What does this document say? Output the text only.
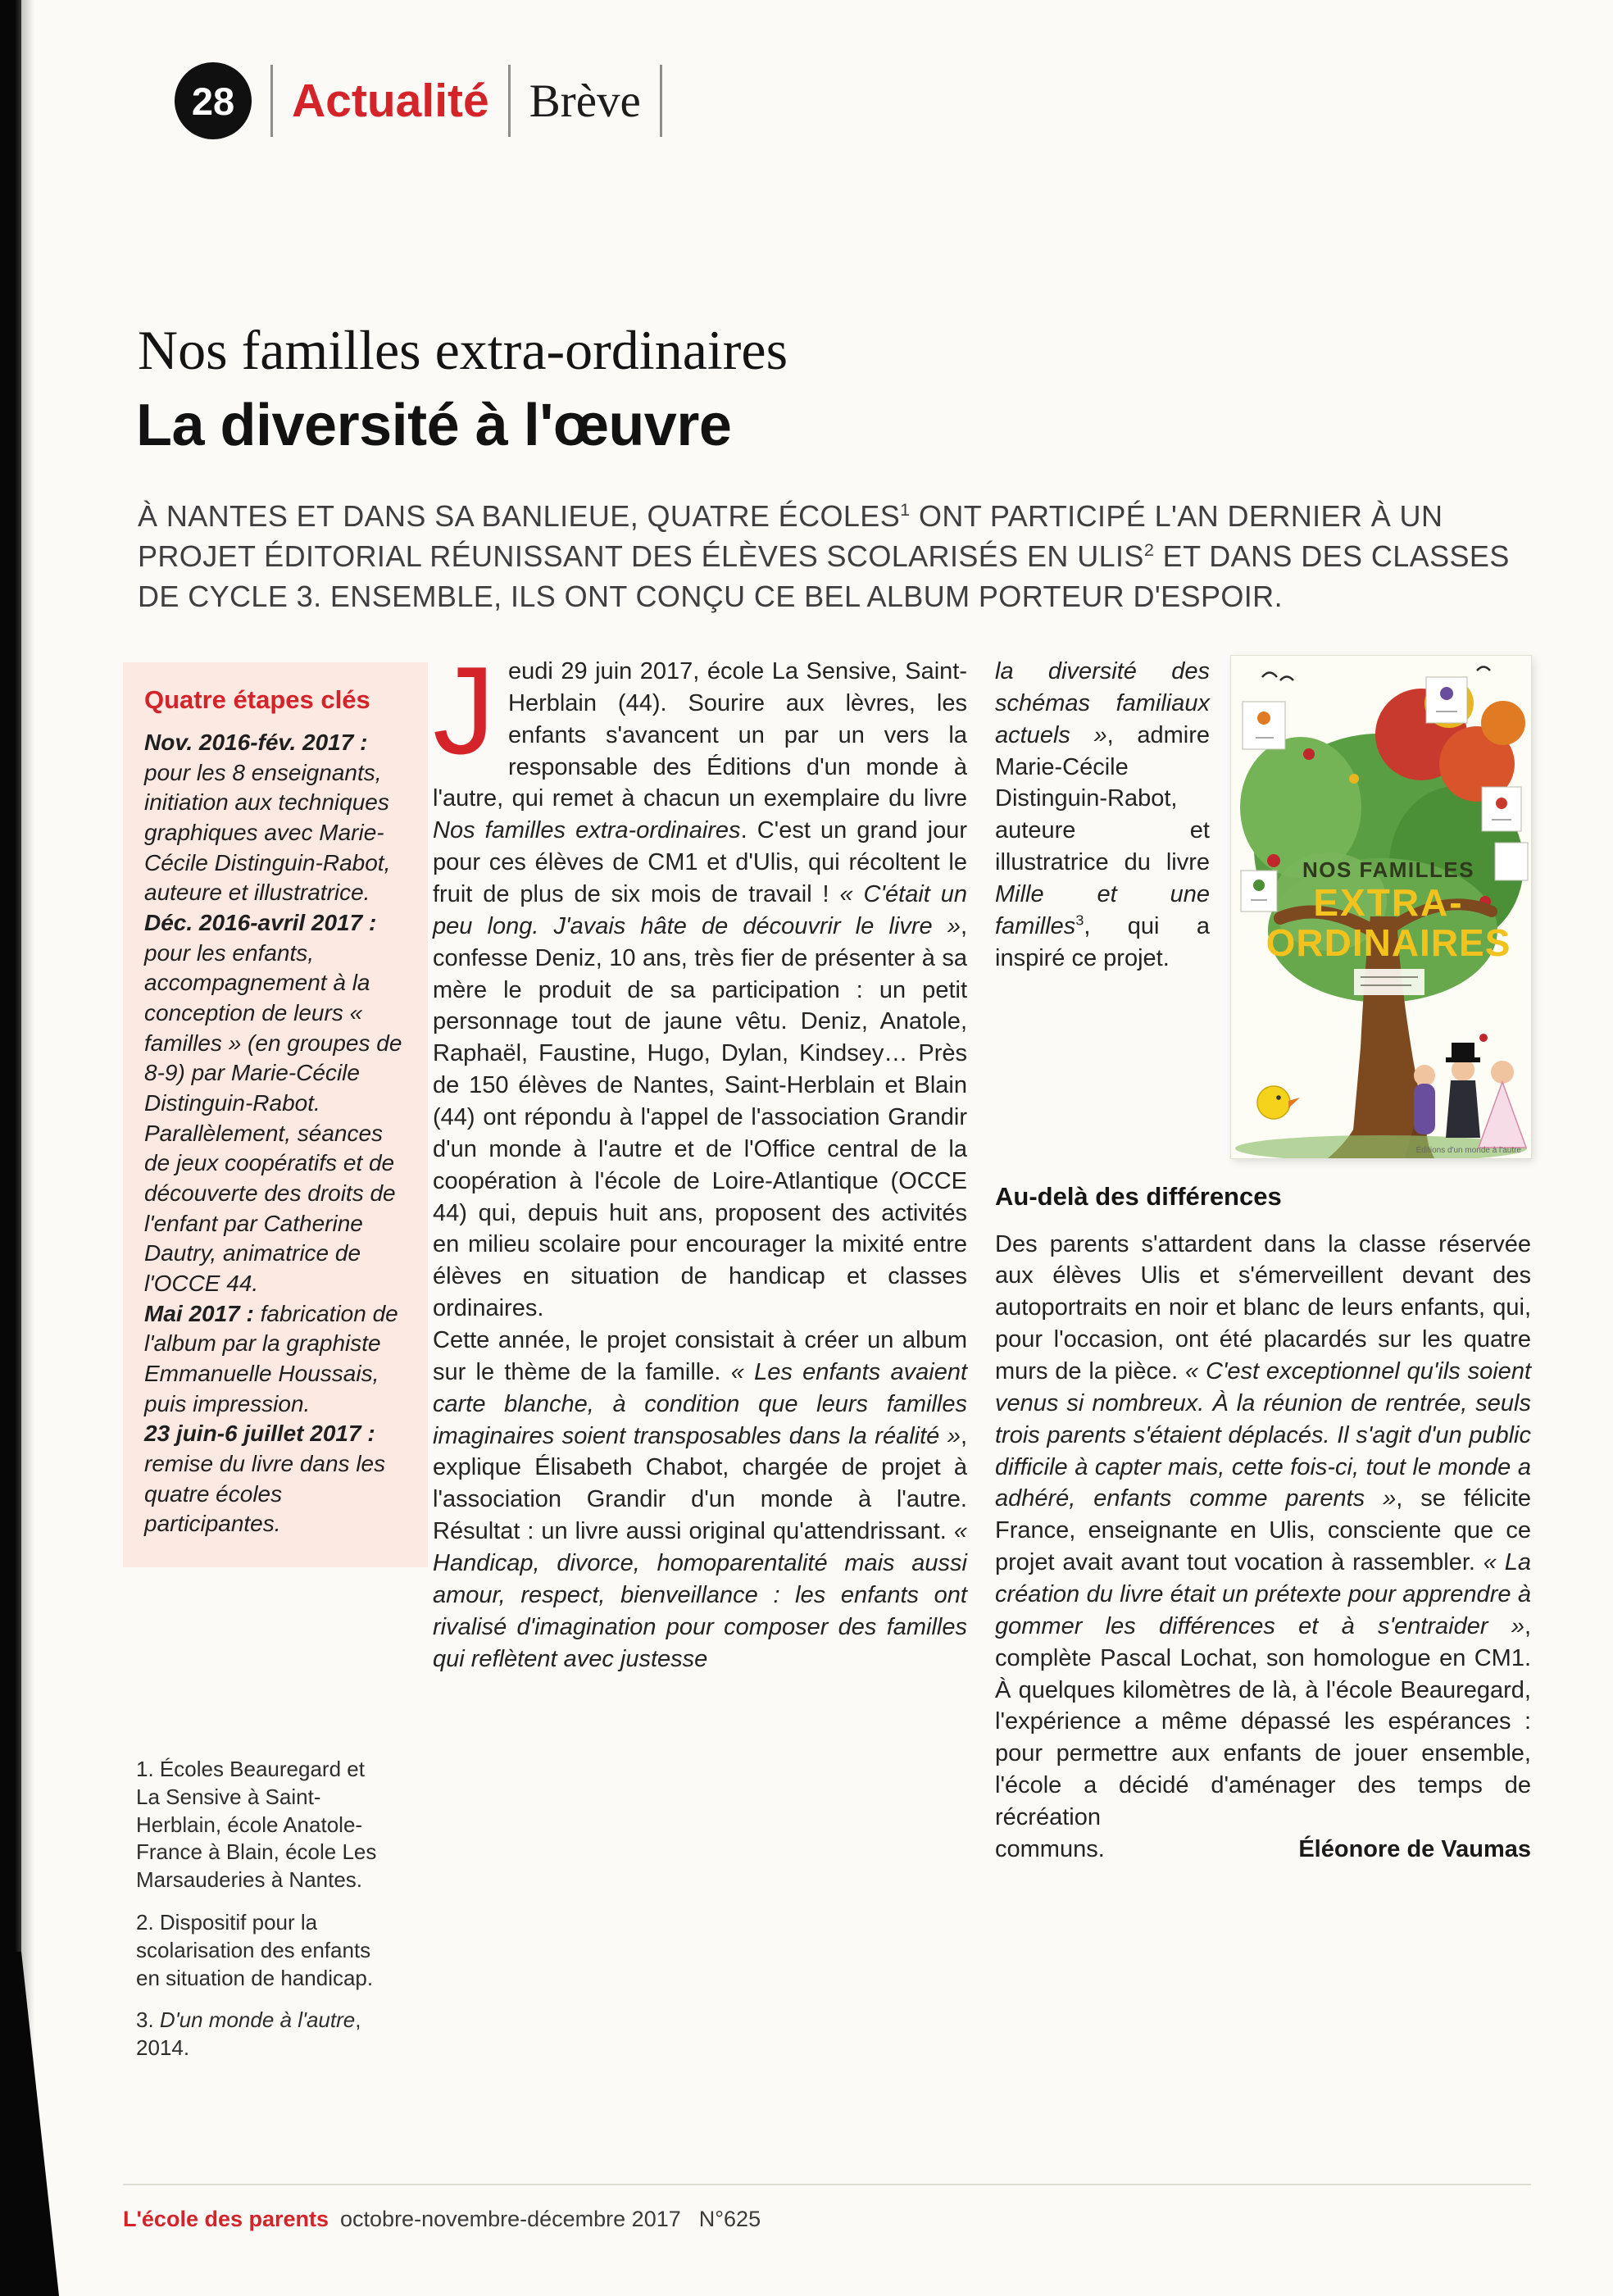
28	Actualité Brève
Nos familles extra-ordinaires
La diversité à l'œuvre
À NANTES ET DANS SA BANLIEUE, QUATRE ÉCOLES$^1$ ONT PARTICIPÉ L'AN DERNIER À UN PROJET ÉDITORIAL RÉUNISSANT DES ÉLÈVES SCOLARISÉS EN ULIS$^2$ ET DANS DES CLASSES DE CYCLE 3. ENSEMBLE, ILS ONT CONÇU CE BEL ALBUM PORTEUR D'ESPOIR.
Quatre étapes clés

Nov. 2016-fév. 2017 : pour les 8 enseignants, initiation aux techniques graphiques avec Marie-Cécile Distinguin-Rabot, auteure et illustratrice.

Déc. 2016-avril 2017 : pour les enfants, accompagnement à la conception de leurs « familles » (en groupes de 8-9) par Marie-Cécile Distinguin-Rabot. Parallèlement, séances de jeux coopératifs et de découverte des droits de l'enfant par Catherine Dautry, animatrice de l'OCCE 44.

Mai 2017 : fabrication de l'album par la graphiste Emmanuelle Houssais, puis impression.

23 juin-6 juillet 2017 : remise du livre dans les quatre écoles participantes.

1. Écoles Beauregard et La Sensive à Saint-Herblain, école Anatole-France à Blain, école Les Marsauderies à Nantes.

2. Dispositif pour la scolarisation des enfants en situation de handicap.

3. D'un monde à l'autre, 2014.

Jeudi 29 juin 2017, école La Sensive, Saint-Herblain (44). Sourire aux lèvres, les enfants s'avancent un par un vers la responsable des Éditions d'un monde à l'autre, qui remet à chacun un exemplaire du livre Nos familles extra-ordinaires. C'est un grand jour pour ces élèves de CM1 et d'Ulis, qui récoltent le fruit de plus de six mois de travail ! « C'était un peu long. J'avais hâte de découvrir le livre », confesse Deniz, 10 ans, très fier de présenter à sa mère le produit de sa participation : un petit personnage tout de jaune vêtu. Deniz, Anatole, Raphaël, Faustine, Hugo, Dylan, Kindsey… Près de 150 élèves de Nantes, Saint-Herblain et Blain (44) ont répondu à l'appel de l'association Grandir d'un monde à l'autre et de l'Office central de la coopération à l'école de Loire-Atlantique (OCCE 44) qui, depuis huit ans, proposent des activités en milieu scolaire pour encourager la mixité entre élèves en situation de handicap et classes ordinaires.

Cette année, le projet consistait à créer un album sur le thème de la famille. « Les enfants avaient carte blanche, à condition que leurs familles imaginaires soient transposables dans la réalité », explique Élisabeth Chabot, chargée de projet à l'association Grandir d'un monde à l'autre. Résultat : un livre aussi original qu'attendrissant. « Handicap, divorce, homoparentalité mais aussi amour, respect, bienveillance : les enfants ont rivalisé d'imagination pour composer des familles qui reflètent avec justesse

NOS FAMILLES
EXTRA-
ORDINAIRES
Éditions d'un monde à l'autre

la diversité des schémas familiaux actuels », admire Marie-Cécile Distinguin-Rabot, auteure et illustratrice du livre Mille et une familles$^3$, qui a inspiré ce projet.

Au-delà des différences

Des parents s'attardent dans la classe réservée aux élèves Ulis et s'émerveillent devant des autoportraits en noir et blanc de leurs enfants, qui, pour l'occasion, ont été placardés sur les quatre murs de la pièce. « C'est exceptionnel qu'ils soient venus si nombreux. À la réunion de rentrée, seuls trois parents s'étaient déplacés. Il s'agit d'un public difficile à capter mais, cette fois-ci, tout le monde a adhéré, enfants comme parents », se félicite France, enseignante en Ulis, consciente que ce projet avait avant tout vocation à rassembler. « La création du livre était un prétexte pour apprendre à gommer les différences et à s'entraider », complète Pascal Lochat, son homologue en CM1. À quelques kilomètres de là, à l'école Beauregard, l'expérience a même dépassé les espérances : pour permettre aux enfants de jouer ensemble, l'école a décidé d'aménager des temps de récréation

communs.	Éléonore de Vaumas
L'école des parents octobre-novembre-décembre 2017 N°625
